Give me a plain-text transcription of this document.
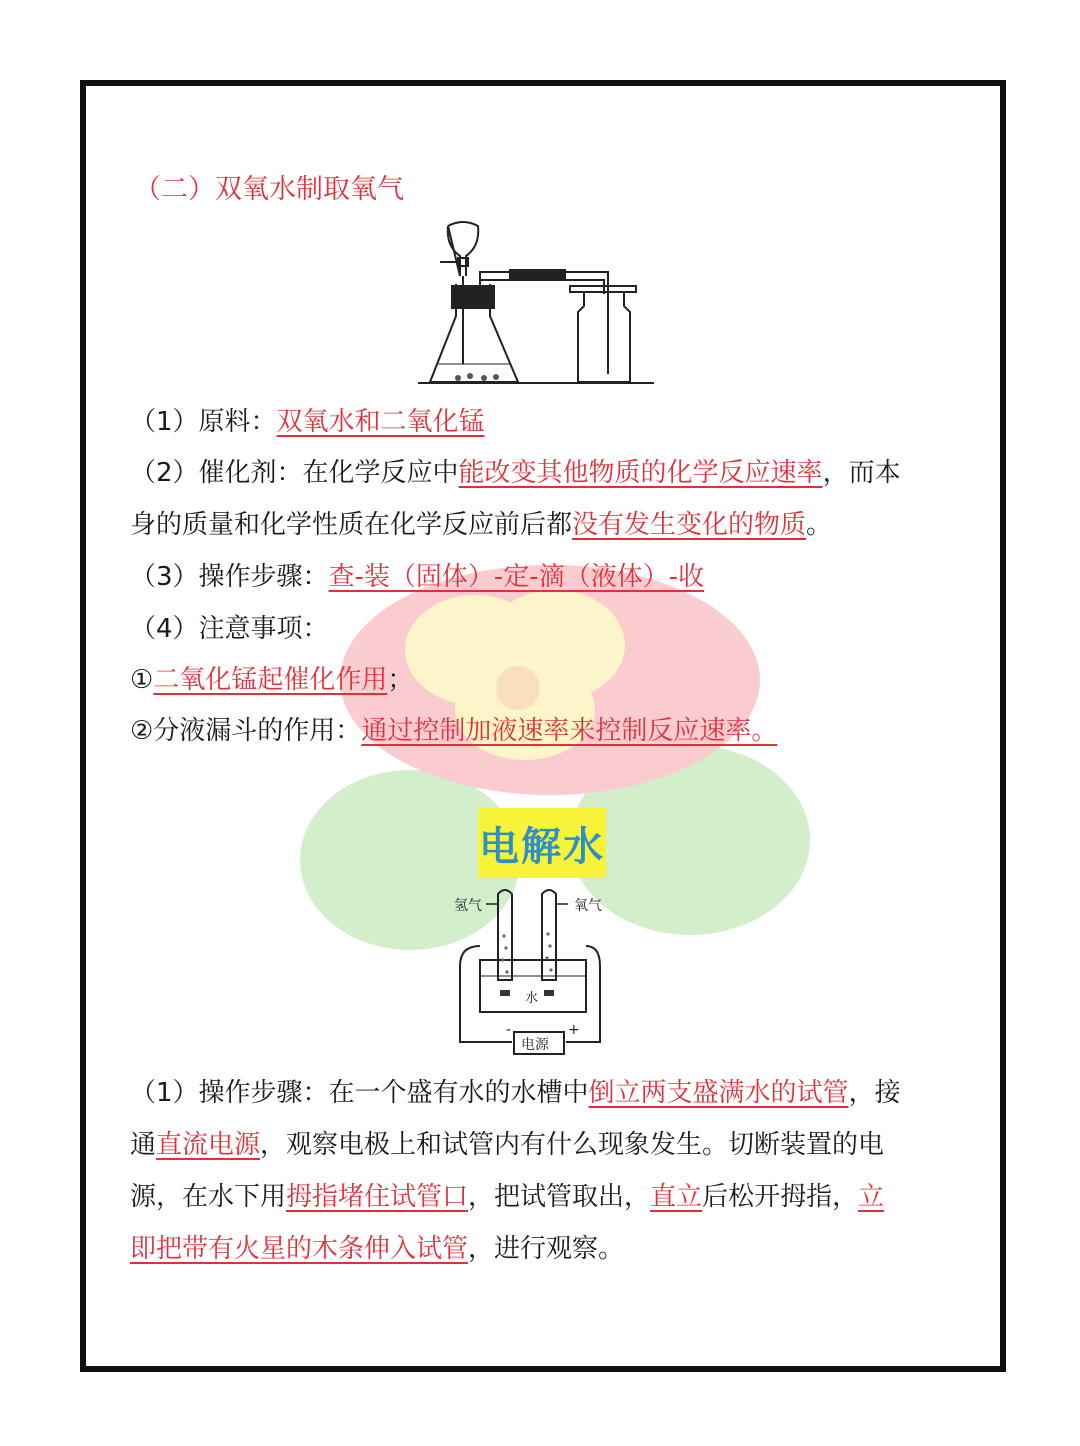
（二）双氧水制取氧气
（1）原料：双氧水和二氧化锰
（2）催化剂：在化学反应中能改变其他物质的化学反应速率，而本
身的质量和化学性质在化学反应前后都没有发生变化的物质。
（3）操作步骤：查-装（固体）-定-滴（液体）-收
（4）注意事项：
①二氧化锰起催化作用；
②分液漏斗的作用：通过控制加液速率来控制反应速率。
电解水
氢气	氧气
水
-	+
电源
（1）操作步骤：在一个盛有水的水槽中倒立两支盛满水的试管，接
通直流电源，观察电极上和试管内有什么现象发生。切断装置的电
源，在水下用拇指堵住试管口，把试管取出，直立后松开拇指，立
即把带有火星的木条伸入试管，进行观察。
